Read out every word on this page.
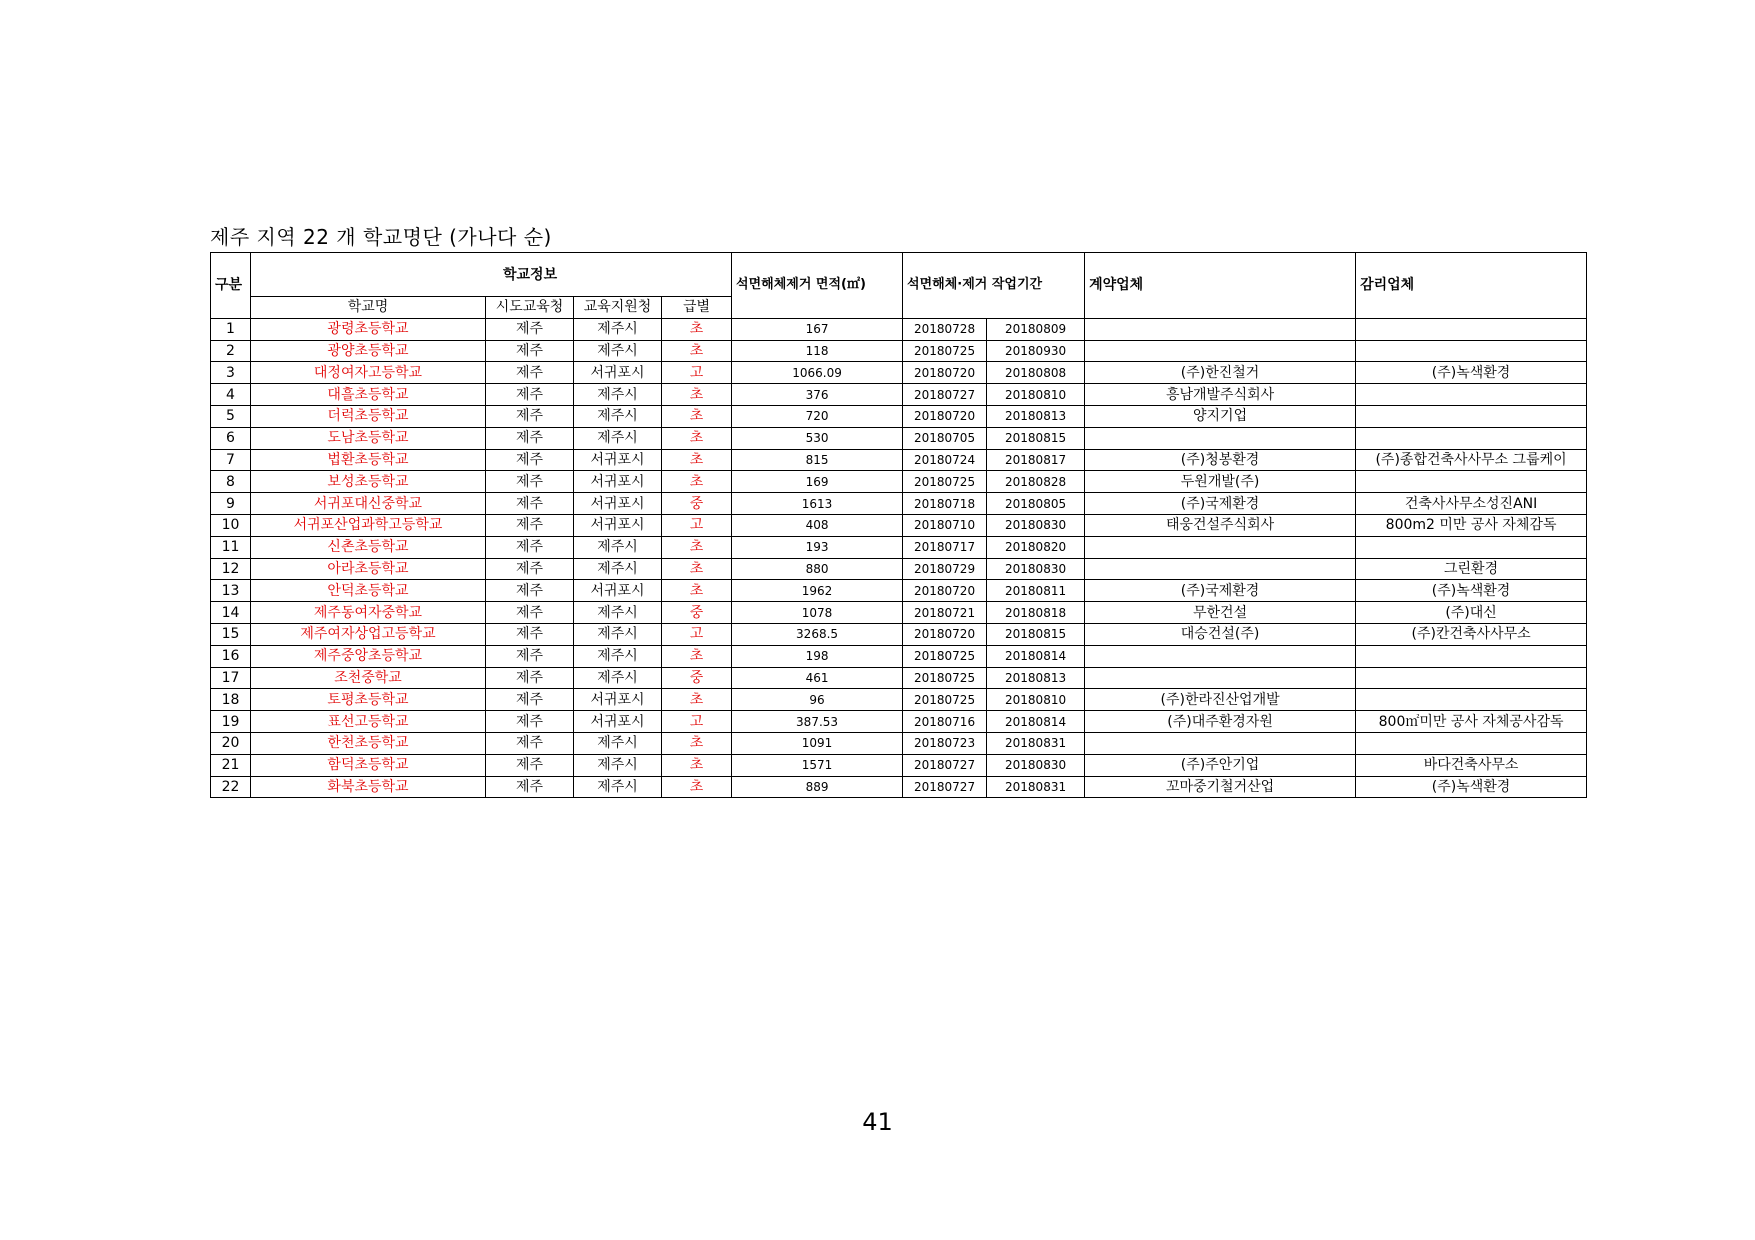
제주 지역 22 개 학교명단 (가나다 순)
구분	학교정보				석면해체제거 면적(㎡)	석면해체·제거 작업기간		계약업체	감리업체
	학교명	시도교육청	교육지원청	급별					
1	광령초등학교	제주	제주시	초	167	20180728	20180809		
2	광양초등학교	제주	제주시	초	118	20180725	20180930		
3	대정여자고등학교	제주	서귀포시	고	1066.09	20180720	20180808	(주)한진철거	(주)녹색환경
4	대흘초등학교	제주	제주시	초	376	20180727	20180810	흥남개발주식회사	
5	더럭초등학교	제주	제주시	초	720	20180720	20180813	양지기업	
6	도남초등학교	제주	제주시	초	530	20180705	20180815		
7	법환초등학교	제주	서귀포시	초	815	20180724	20180817	(주)청봉환경	(주)종합건축사사무소 그룹케이
8	보성초등학교	제주	서귀포시	초	169	20180725	20180828	두원개발(주)	
9	서귀포대신중학교	제주	서귀포시	중	1613	20180718	20180805	(주)국제환경	건축사사무소성진ANI
10	서귀포산업과학고등학교	제주	서귀포시	고	408	20180710	20180830	태웅건설주식회사	800m2 미만 공사 자체감독
11	신촌초등학교	제주	제주시	초	193	20180717	20180820		
12	아라초등학교	제주	제주시	초	880	20180729	20180830		그린환경
13	안덕초등학교	제주	서귀포시	초	1962	20180720	20180811	(주)국제환경	(주)녹색환경
14	제주동여자중학교	제주	제주시	중	1078	20180721	20180818	무한건설	(주)대신
15	제주여자상업고등학교	제주	제주시	고	3268.5	20180720	20180815	대승건설(주)	(주)칸건축사사무소
16	제주중앙초등학교	제주	제주시	초	198	20180725	20180814		
17	조천중학교	제주	제주시	중	461	20180725	20180813		
18	토평초등학교	제주	서귀포시	초	96	20180725	20180810	(주)한라진산업개발	
19	표선고등학교	제주	서귀포시	고	387.53	20180716	20180814	(주)대주환경자원	800㎡미만 공사 자체공사감독
20	한천초등학교	제주	제주시	초	1091	20180723	20180831		
21	함덕초등학교	제주	제주시	초	1571	20180727	20180830	(주)주안기업	바다건축사무소
22	화북초등학교	제주	제주시	초	889	20180727	20180831	꼬마중기철거산업	(주)녹색환경
41
